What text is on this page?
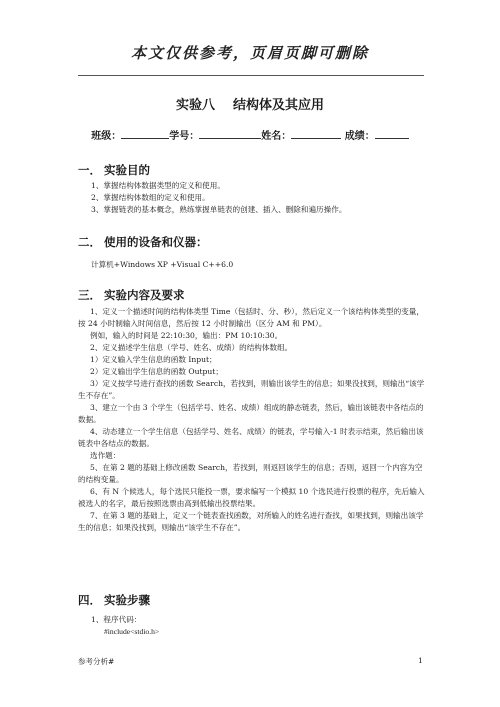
本文仅供参考，页眉页脚可删除
实验八    结构体及其应用
班级：	学号：	姓名：	成绩：
一． 实验目的

1、掌握结构体数据类型的定义和使用。

2、掌握结构体数组的定义和使用。

3、掌握链表的基本概念，熟练掌握单链表的创建、插入、删除和遍历操作。

二． 使用的设备和仪器：

计算机+Windows XP +Visual C++6.0

三． 实验内容及要求

1、定义一个描述时间的结构体类型 Time（包括时、分、秒），然后定义一个该结构体类型的变量，按 24 小时制输入时间信息，然后按 12 小时制输出（区分 AM 和 PM）。

例如，输入的时间是 22:10:30，输出：PM 10:10:30。

2、定义描述学生信息（学号、姓名、成绩）的结构体数组。

1）定义输入学生信息的函数 Input；

2）定义输出学生信息的函数 Output；

3）定义按学号进行查找的函数 Search，若找到，则输出该学生的信息；如果没找到，则输出“该学生不存在”。

3、建立一个由 3 个学生（包括学号、姓名、成绩）组成的静态链表，然后，输出该链表中各结点的数据。

4、动态建立一个学生信息（包括学号、姓名、成绩）的链表，学号输入-1 时表示结束，然后输出该链表中各结点的数据。

选作题：

5、在第 2 题的基础上修改函数 Search，若找到，则返回该学生的信息；否则，返回一个内容为空的结构变量。

6、有 N 个候选人，每个选民只能投一票，要求编写一个模拟 10 个选民进行投票的程序，先后输入被选人的名字，最后按照选票由高到低输出投票结果。

7、在第 3 题的基础上，定义一个链表查找函数，对所输入的姓名进行查找，如果找到，则输出该学生的信息；如果没找到，则输出“该学生不存在”。

四． 实验步骤

1、程序代码：

#include<stdio.h>

参考分析#	1
